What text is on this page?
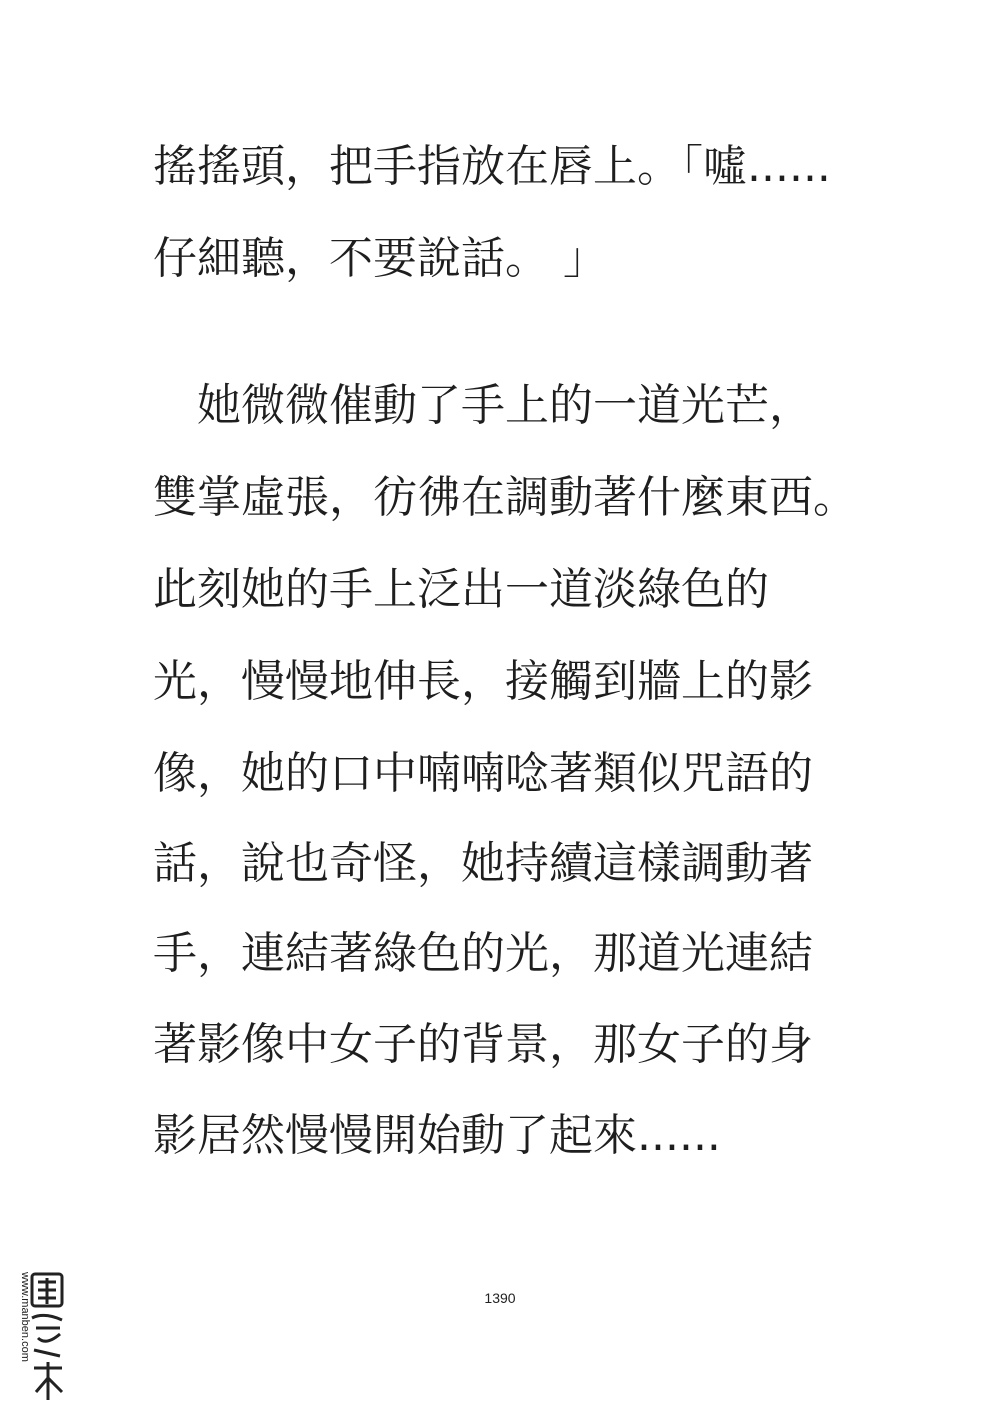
搖搖頭，把手指放在唇上。「噓......
仔細聽，不要說話。 」
　她微微催動了手上的一道光芒，
雙掌虛張，彷彿在調動著什麼東西。
此刻她的手上泛出一道淡綠色的
光，慢慢地伸長，接觸到牆上的影
像，她的口中喃喃唸著類似咒語的
話，說也奇怪，她持續這樣調動著
手，連結著綠色的光，那道光連結
著影像中女子的背景，那女子的身
影居然慢慢開始動了起來......
1390
www.manben.com
